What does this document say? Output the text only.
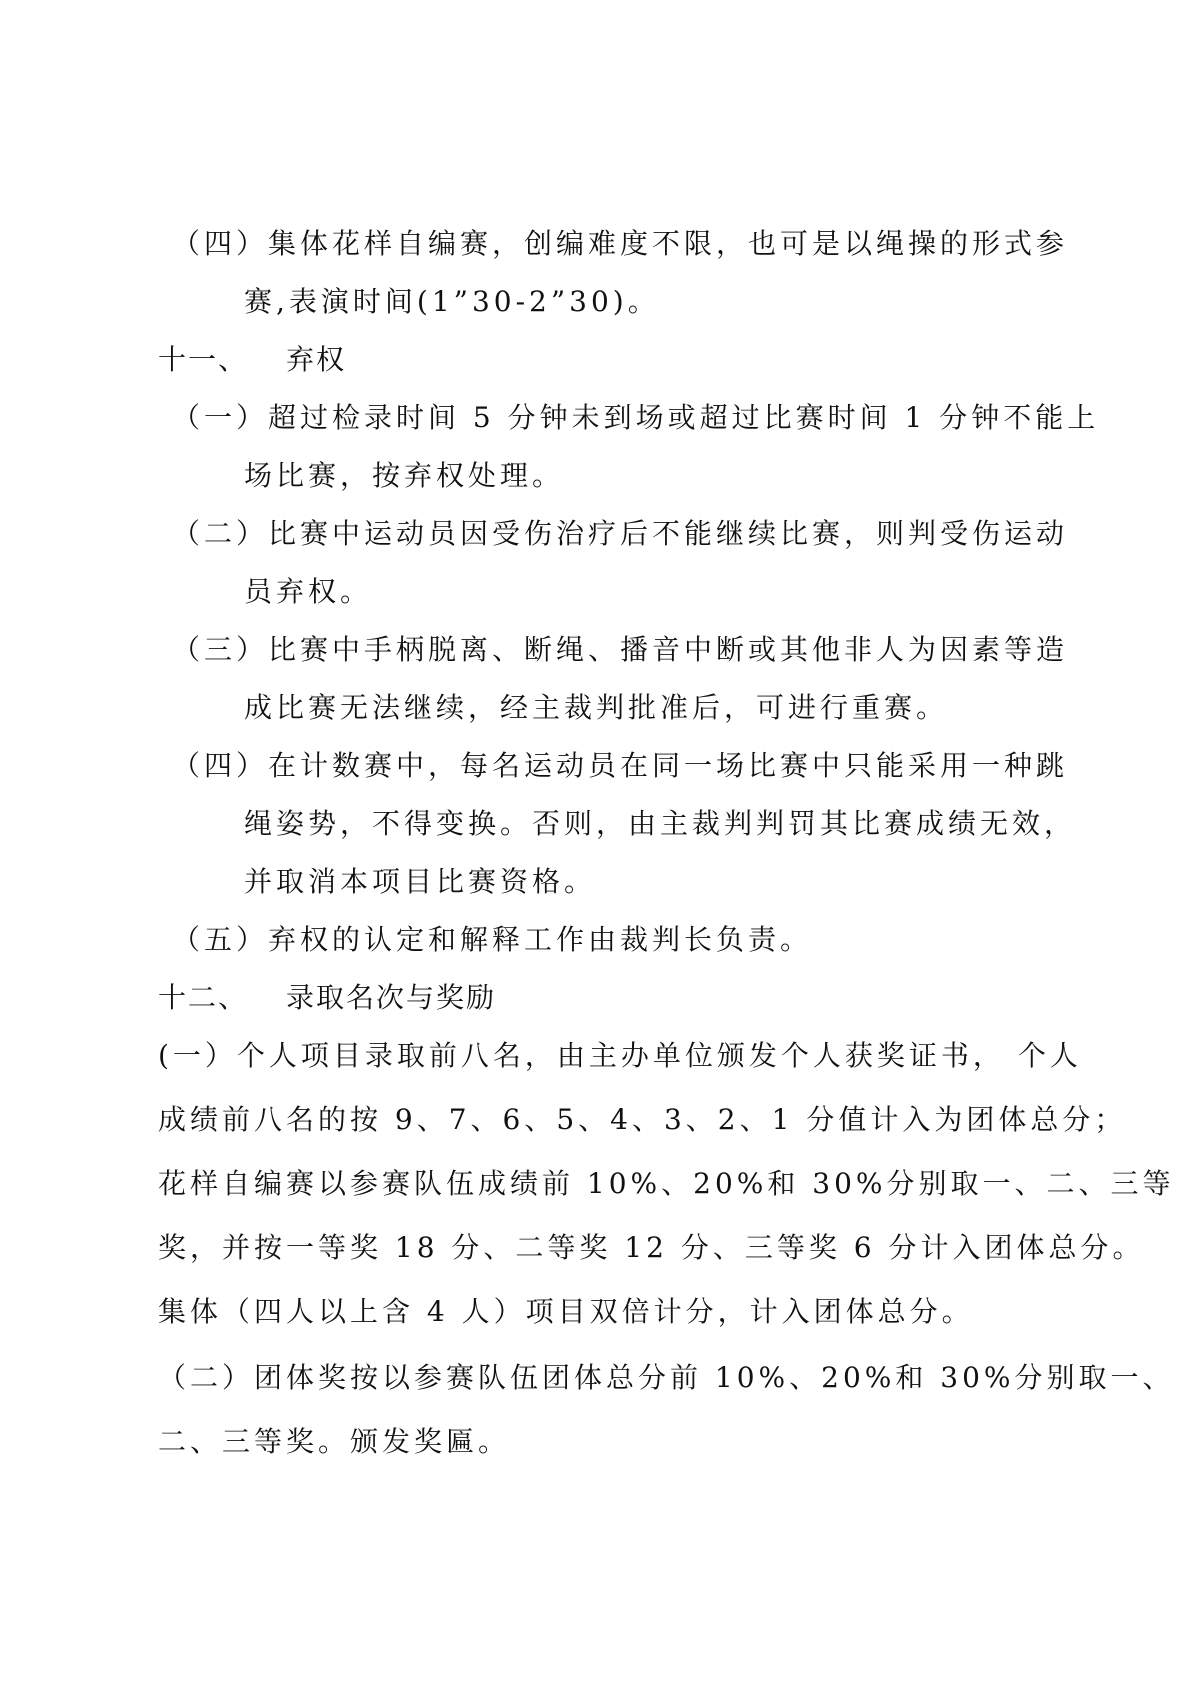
（四）集体花样自编赛，创编难度不限，也可是以绳操的形式参
赛,表演时间(1”30-2”30)。
十一、 弃权
（一）超过检录时间 5 分钟未到场或超过比赛时间 1 分钟不能上
场比赛，按弃权处理。
（二）比赛中运动员因受伤治疗后不能继续比赛，则判受伤运动
员弃权。
（三）比赛中手柄脱离、断绳、播音中断或其他非人为因素等造
成比赛无法继续，经主裁判批准后，可进行重赛。
（四）在计数赛中，每名运动员在同一场比赛中只能采用一种跳
绳姿势，不得变换。否则，由主裁判判罚其比赛成绩无效，
并取消本项目比赛资格。
（五）弃权的认定和解释工作由裁判长负责。
十二、 录取名次与奖励
(一）个人项目录取前八名，由主办单位颁发个人获奖证书， 个人
成绩前八名的按 9、7、6、5、4、3、2、1 分值计入为团体总分；
花样自编赛以参赛队伍成绩前 10%、20%和 30%分别取一、二、三等
奖，并按一等奖 18 分、二等奖 12 分、三等奖 6 分计入团体总分。
集体（四人以上含 4 人）项目双倍计分，计入团体总分。
（二）团体奖按以参赛队伍团体总分前 10%、20%和 30%分别取一、
二、三等奖。颁发奖匾。
